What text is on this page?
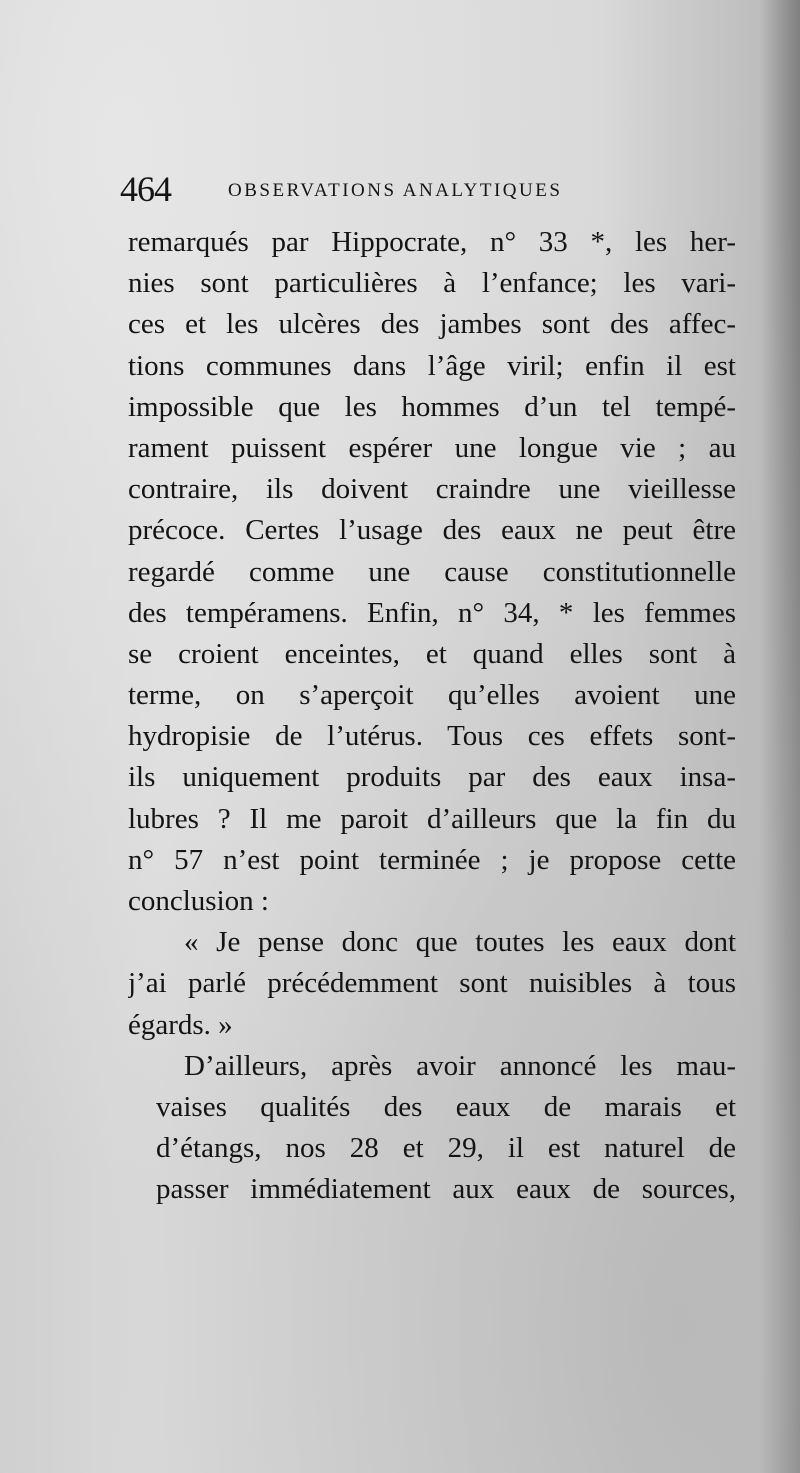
464	OBSERVATIONS ANALYTIQUES
remarqués par Hippocrate, n° 33 *, les her-
nies sont particulières à l’enfance; les vari-
ces et les ulcères des jambes sont des affec-
tions communes dans l’âge viril; enfin il est
impossible que les hommes d’un tel tempé-
rament puissent espérer une longue vie ; au
contraire, ils doivent craindre une vieillesse
précoce. Certes l’usage des eaux ne peut être
regardé comme une cause constitutionnelle
des tempéramens. Enfin, n° 34, * les femmes
se croient enceintes, et quand elles sont à
terme, on s’aperçoit qu’elles avoient une
hydropisie de l’utérus. Tous ces effets sont-
ils uniquement produits par des eaux insa-
lubres ? Il me paroit d’ailleurs que la fin du
n° 57 n’est point terminée ; je propose cette
conclusion :
« Je pense donc que toutes les eaux dont
j’ai parlé précédemment sont nuisibles à tous
égards. »
D’ailleurs, après avoir annoncé les mau-
vaises qualités des eaux de marais et
d’étangs, nos 28 et 29, il est naturel de
passer immédiatement aux eaux de sources,
